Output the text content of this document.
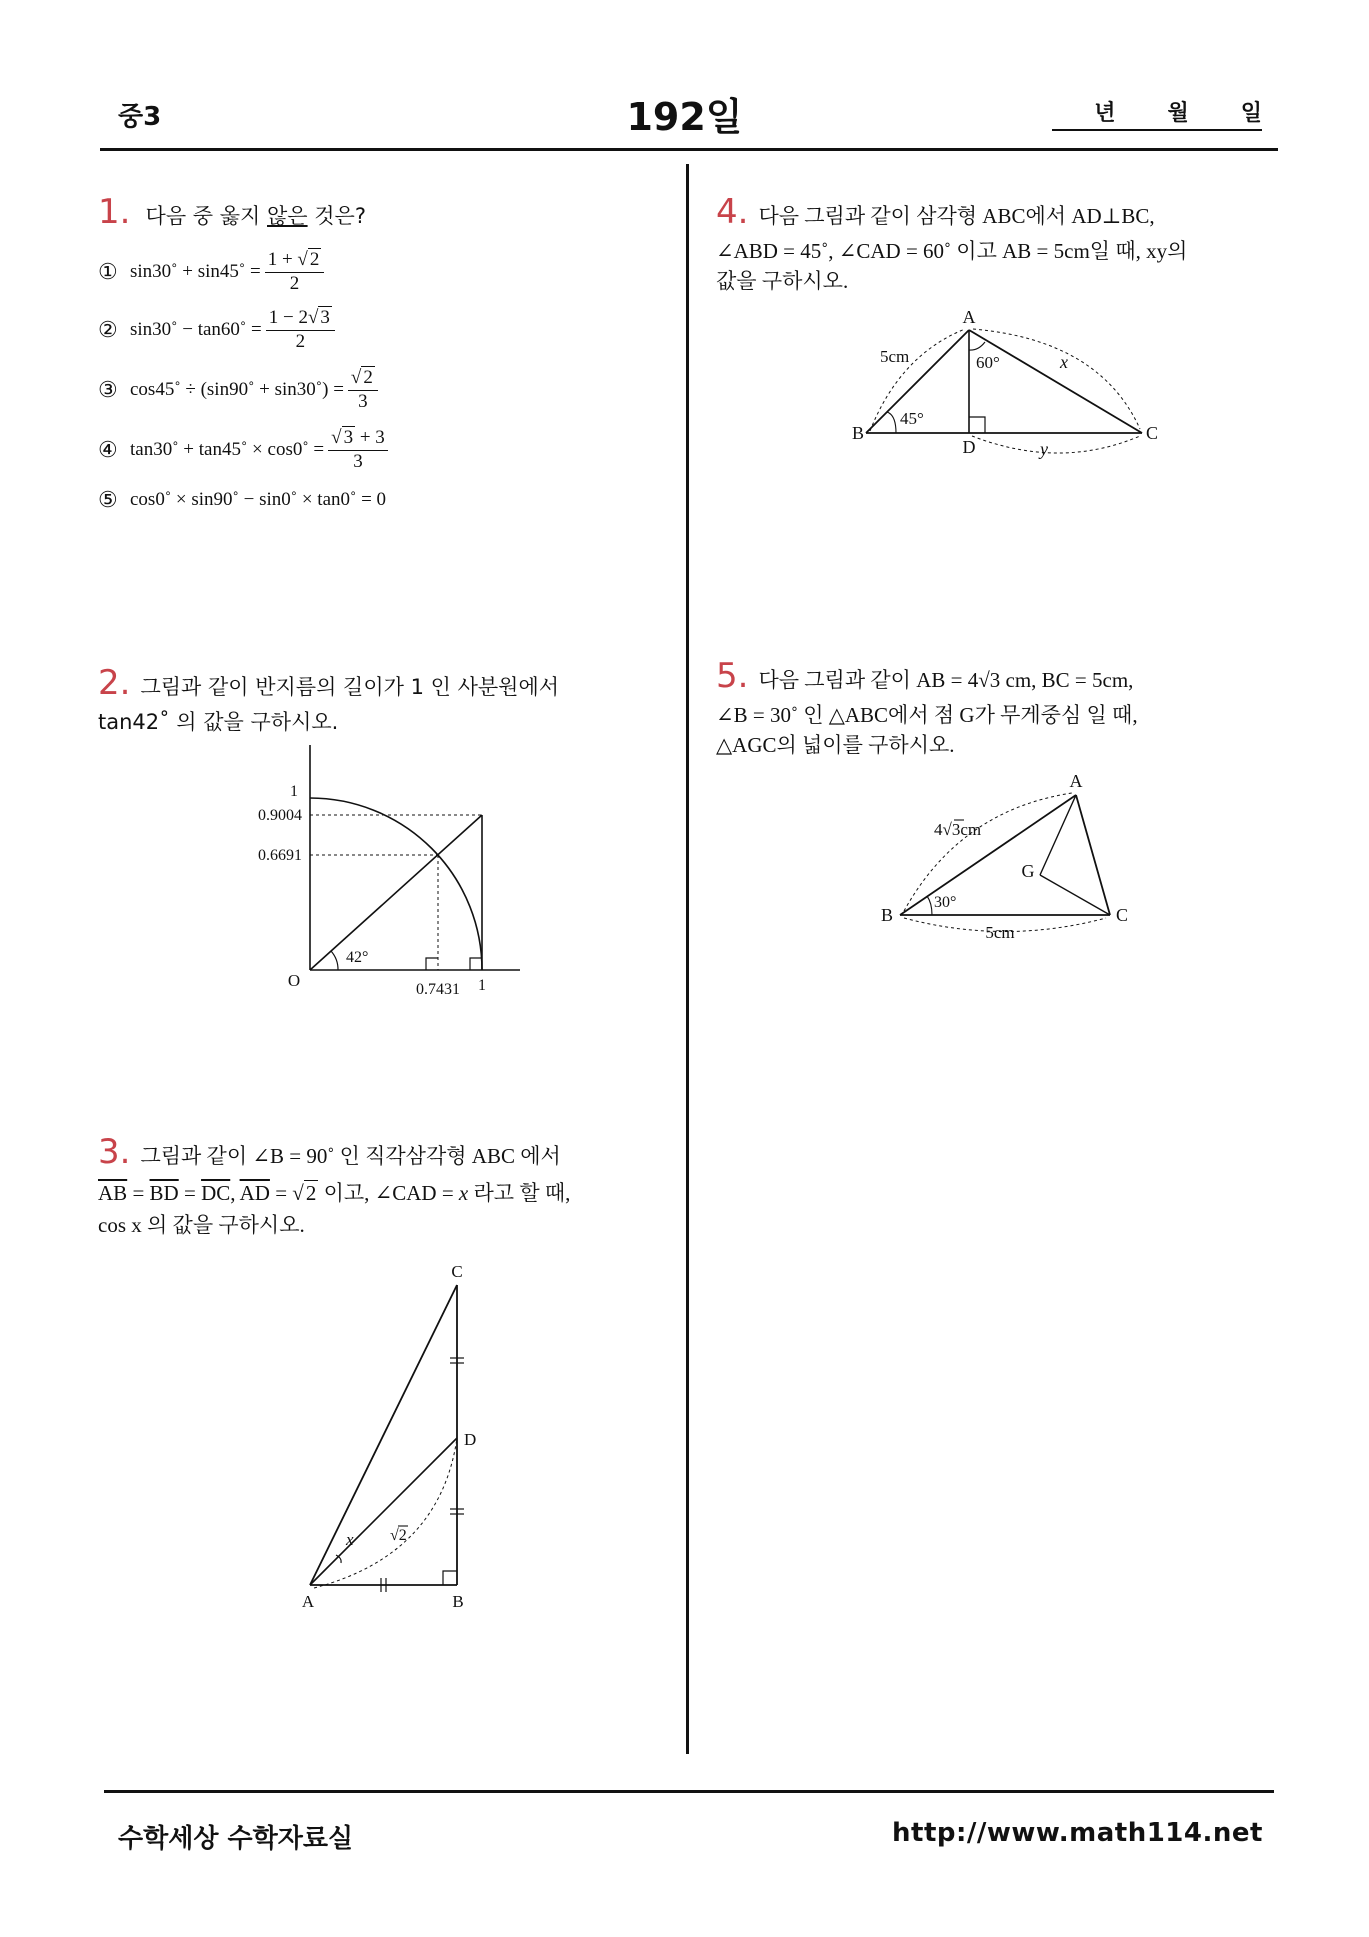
중3	192일	년 월 일
1. 다음 중 옳지 않은 것은?
① sin30˚ + sin45˚ = $\frac{1 + √ 2}{2}$
② sin30˚ − tan60˚ = $\frac{1 - 2√ 3}{2}$
③ cos45˚ ÷ (sin90˚ + sin30˚) = $\frac{√ 2}{3}$
④ tan30˚ + tan45˚ × cos0˚ = $\frac{√ 3 + 3}{3}$
⑤ cos0˚ × sin90˚ − sin0˚ × tan0˚ = 0
2. 그림과 같이 반지름의 길이가 1 인 사분원에서
tan42˚ 의 값을 구하시오.
1
0.9004
0.6691
0.7431 1
O
42°
3. 그림과 같이 ∠B = 90˚ 인 직각삼각형 ABC 에서
$\overline{AB} = \overline{BD} = \overline{DC}$, $\overline{AD} = √2$ 이고, ∠CAD = x 라고 할 때,
cos x 의 값을 구하시오.
C
D
A	B
x √2
4. 다음 그림과 같이 삼각형 ABC에서 AD⊥BC,
∠ABD = 45˚, ∠CAD = 60˚ 이고 AB = 5cm일 때, xy의
값을 구하시오.
A
B	C
D
5cm	60°
45°
x
y
5. 다음 그림과 같이 AB = 4√3 cm, BC = 5cm,
∠B = 30˚ 인 △ABC에서 점 G가 무게중심 일 때,
△AGC의 넓이를 구하시오.
A
B	C
G
4√3cm
30°
5cm
수학세상 수학자료실	http://www.math114.net
